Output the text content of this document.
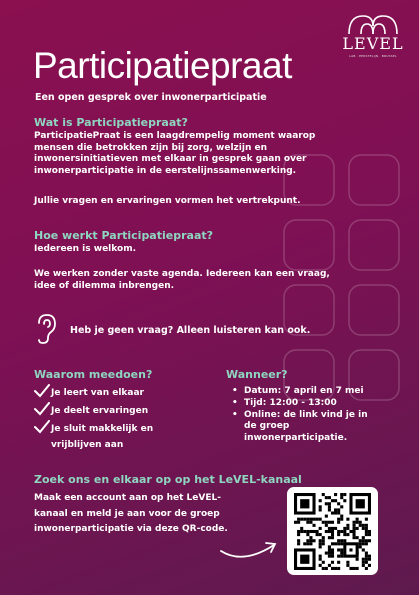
LEVEL
LAB · EERSTELIJN · BRUSSEL
Participatiepraat
Een open gesprek over inwonerparticipatie
Wat is Participatiepraat?
ParticipatiePraat is een laagdrempelig moment waarop
mensen die betrokken zijn bij zorg, welzijn en
inwonersinitiatieven met elkaar in gesprek gaan over
inwonerparticipatie in de eerstelijnssamenwerking.
Jullie vragen en ervaringen vormen het vertrekpunt.
Hoe werkt Participatiepraat?
Iedereen is welkom.
We werken zonder vaste agenda. Iedereen kan een vraag,
idee of dilemma inbrengen.
Heb je geen vraag? Alleen luisteren kan ook.
Waarom meedoen?
Je leert van elkaar
Je deelt ervaringen
Je sluit makkelijk en vrijblijven aan
Wanneer?
• Datum: 7 april en 7 mei
• Tijd: 12:00 - 13:00
• Online: de link vind je in de groep inwonerparticipatie.
Zoek ons en elkaar op op het LeVEL-kanaal
Maak een account aan op het LeVEL-
kanaal en meld je aan voor de groep
inwonerparticipatie via deze QR-code.
